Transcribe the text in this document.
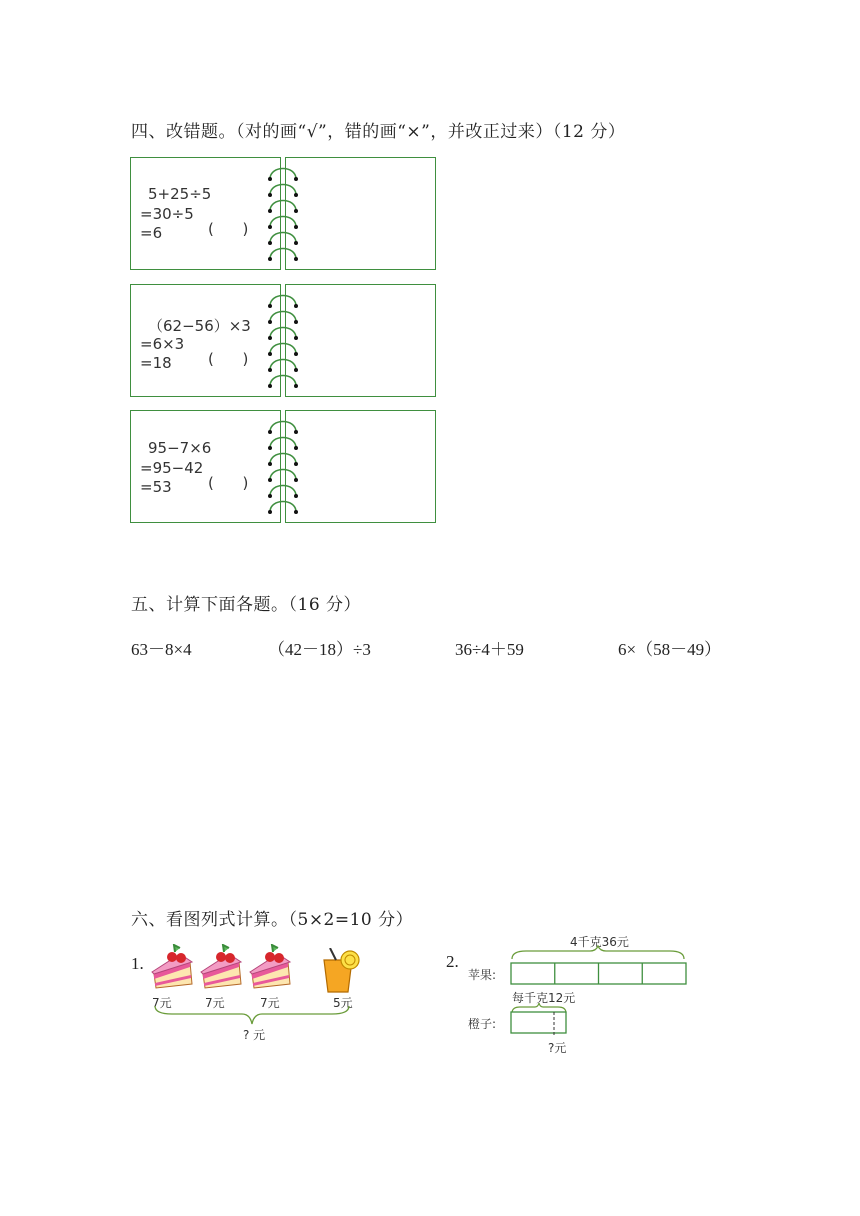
四、改错题。（对的画“√”，错的画“×”，并改正过来）（12 分）
5+25÷5
=30÷5
=6	(      )
（62−56）×3
=6×3
=18 (      )
95−7×6
=95−42
=53 (      )
五、计算下面各题。（16 分）
63－8×4	（42－18）÷3	36÷4＋59	6×（58－49）
六、看图列式计算。（5×2=10 分）
1.
7元	7元	7元	5元
? 元
2.
4千克36元
苹果:
每千克12元
橙子:
?元
